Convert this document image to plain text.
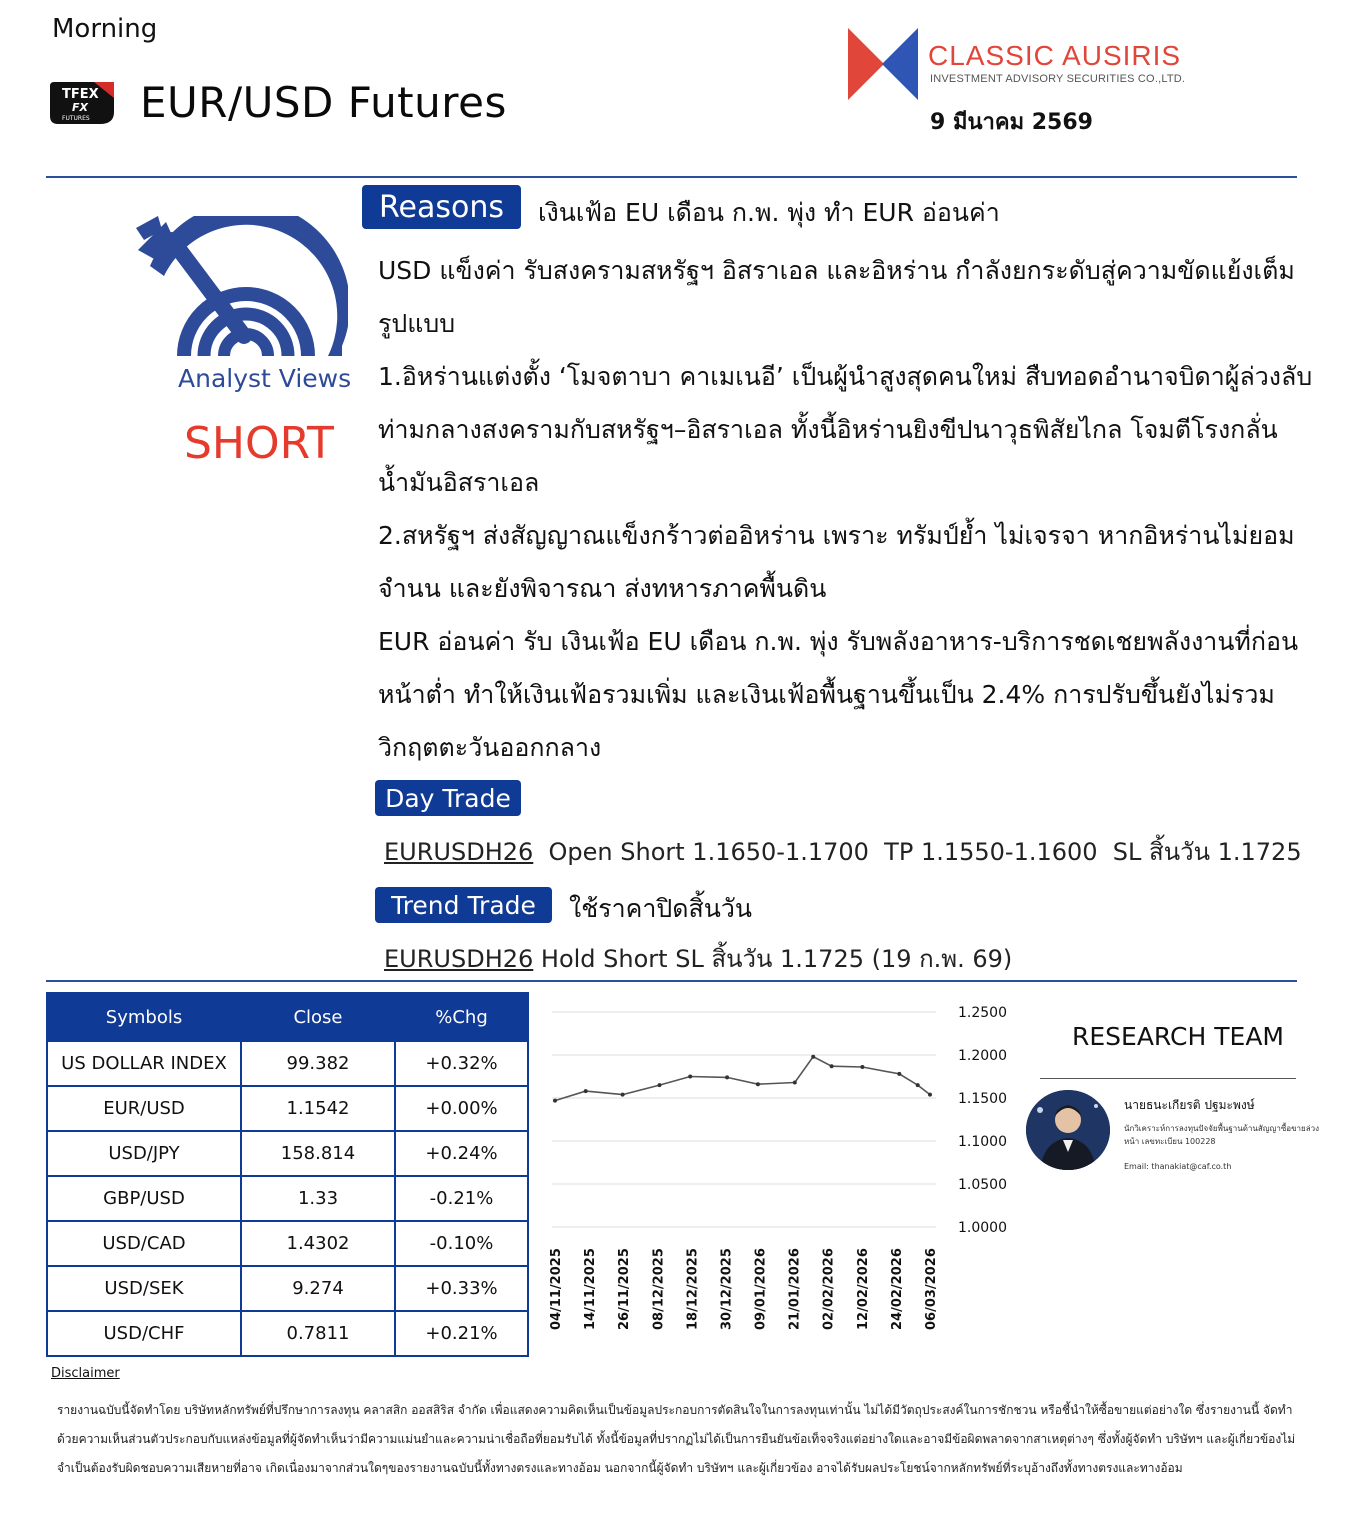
Morning
TFEX
FX
FUTURES EUR/USD Futures
CLASSIC AUSIRIS
INVESTMENT ADVISORY SECURITIES CO.,LTD.
9 มีนาคม 2569
Analyst Views
SHORT
Reasons	เงินเฟ้อ EU เดือน ก.พ. พุ่ง ทำ EUR อ่อนค่า

USD แข็งค่า รับสงครามสหรัฐฯ อิสราเอล และอิหร่าน กำลังยกระดับสู่ความขัดแย้งเต็มรูปแบบ

1.อิหร่านแต่งตั้ง ‘โมจตาบา คาเมเนอี’ เป็นผู้นำสูงสุดคนใหม่ สืบทอดอำนาจบิดาผู้ล่วงลับ ท่ามกลางสงครามกับสหรัฐฯ–อิสราเอล ทั้งนี้อิหร่านยิงขีปนาวุธพิสัยไกล โจมตีโรงกลั่นน้ำมันอิสราเอล

2.สหรัฐฯ ส่งสัญญาณแข็งกร้าวต่ออิหร่าน เพราะ ทรัมป์ย้ำ ไม่เจรจา หากอิหร่านไม่ยอมจำนน และยังพิจารณา ส่งทหารภาคพื้นดิน

EUR อ่อนค่า รับ เงินเฟ้อ EU เดือน ก.พ. พุ่ง รับพลังอาหาร-บริการชดเชยพลังงานที่ก่อนหน้าต่ำ ทำให้เงินเฟ้อรวมเพิ่ม และเงินเฟ้อพื้นฐานขึ้นเป็น 2.4% การปรับขึ้นยังไม่รวมวิกฤตตะวันออกกลาง

Day Trade
EURUSDH26  Open Short 1.1650-1.1700  TP 1.1550-1.1600  SL สิ้นวัน 1.1725
Trend Trade	ใช้ราคาปิดสิ้นวัน
EURUSDH26 Hold Short SL สิ้นวัน 1.1725 (19 ก.พ. 69)
Symbols	Close	%Chg
US DOLLAR INDEX	99.382	+0.32%
EUR/USD	1.1542	+0.00%
USD/JPY	158.814	+0.24%
GBP/USD	1.33	-0.21%
USD/CAD	1.4302	-0.10%
USD/SEK	9.274	+0.33%
USD/CHF	0.7811	+0.21%
1.2500
1.2000
1.1500
1.1000
1.0500
1.0000
04/11/2025 14/11/2025 26/11/2025 08/12/2025 18/12/2025 30/12/2025 09/01/2026 21/01/2026 02/02/2026 12/02/2026 24/02/2026 06/03/2026
RESEARCH TEAM
นายธนะเกียรติ ปฐมะพงษ์
นักวิเคราะห์การลงทุนปัจจัยพื้นฐานด้านสัญญาซื้อขายล่วงหน้า เลขทะเบียน 100228
Email: thanakiat@caf.co.th
Disclaimer
รายงานฉบับนี้จัดทำโดย บริษัทหลักทรัพย์ที่ปรึกษาการลงทุน คลาสสิก ออสสิริส จำกัด เพื่อแสดงความคิดเห็นเป็นข้อมูลประกอบการตัดสินใจในการลงทุนเท่านั้น ไม่ได้มีวัตถุประสงค์ในการชักชวน หรือชี้นำให้ซื้อขายแต่อย่างใด ซึ่งรายงานนี้ จัดทำด้วยความเห็นส่วนตัวประกอบกับแหล่งข้อมูลที่ผู้จัดทำเห็นว่ามีความแม่นยำและความน่าเชื่อถือที่ยอมรับได้ ทั้งนี้ข้อมูลที่ปรากฏไม่ได้เป็นการยืนยันข้อเท็จจริงแต่อย่างใดและอาจมีข้อผิดพลาดจากสาเหตุต่างๆ ซึ่งทั้งผู้จัดทำ บริษัทฯ และผู้เกี่ยวข้องไม่จำเป็นต้องรับผิดชอบความเสียหายที่อาจ เกิดเนื่องมาจากส่วนใดๆของรายงานฉบับนี้ทั้งทางตรงและทางอ้อม นอกจากนี้ผู้จัดทำ บริษัทฯ และผู้เกี่ยวข้อง อาจได้รับผลประโยชน์จากหลักทรัพย์ที่ระบุอ้างถึงทั้งทางตรงและทางอ้อม
